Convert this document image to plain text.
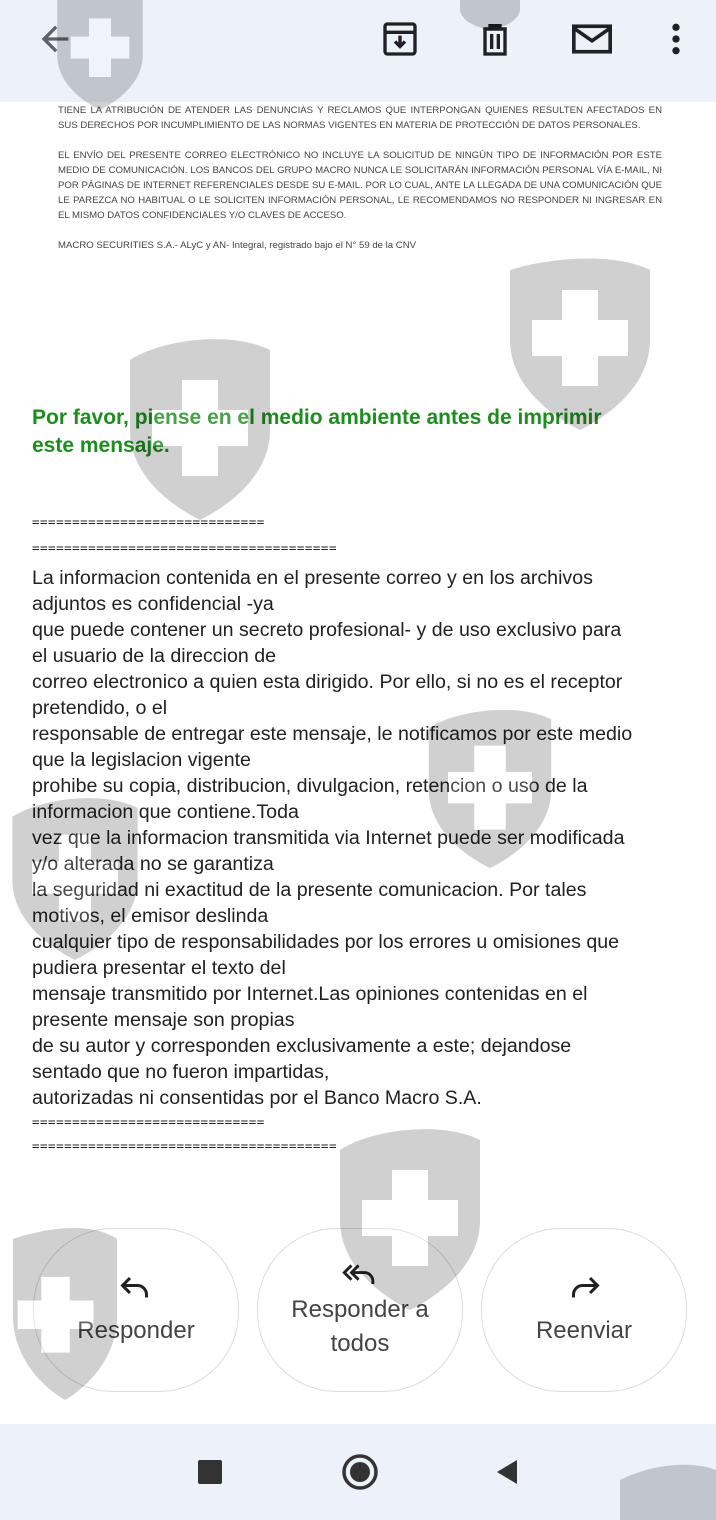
TIENE LA ATRIBUCIÓN DE ATENDER LAS DENUNCIAS Y RECLAMOS QUE INTERPONGAN QUIENES RESULTEN AFECTADOS EN SUS DERECHOS POR INCUMPLIMIENTO DE LAS NORMAS VIGENTES EN MATERIA DE PROTECCIÓN DE DATOS PERSONALES.

EL ENVÍO DEL PRESENTE CORREO ELECTRÓNICO NO INCLUYE LA SOLICITUD DE NINGÚN TIPO DE INFORMACIÓN POR ESTE MEDIO DE COMUNICACIÓN. LOS BANCOS DEL GRUPO MACRO NUNCA LE SOLICITARÁN INFORMACIÓN PERSONAL VÍA E-MAIL, NI POR PÁGINAS DE INTERNET REFERENCIALES DESDE SU E-MAIL. POR LO CUAL, ANTE LA LLEGADA DE UNA COMUNICACIÓN QUE LE PAREZCA NO HABITUAL O LE SOLICITEN INFORMACIÓN PERSONAL, LE RECOMENDAMOS NO RESPONDER NI INGRESAR EN EL MISMO DATOS CONFIDENCIALES Y/O CLAVES DE ACCESO.

MACRO SECURITIES S.A.- ALyC y AN- Integral, registrado bajo el N° 59 de la CNV

Por favor, piense en el medio ambiente antes de imprimir
este mensaje.
=============================
======================================
La informacion contenida en el presente correo y en los archivos
adjuntos es confidencial -ya
que puede contener un secreto profesional- y de uso exclusivo para
el usuario de la direccion de
correo electronico a quien esta dirigido. Por ello, si no es el receptor
pretendido, o el
responsable de entregar este mensaje, le notificamos por este medio
que la legislacion vigente
prohibe su copia, distribucion, divulgacion, retencion o uso de la
informacion que contiene.Toda
vez que la informacion transmitida via Internet puede ser modificada
y/o alterada no se garantiza
la seguridad ni exactitud de la presente comunicacion. Por tales
motivos, el emisor deslinda
cualquier tipo de responsabilidades por los errores u omisiones que
pudiera presentar el texto del
mensaje transmitido por Internet.Las opiniones contenidas en el
presente mensaje son propias
de su autor y corresponden exclusivamente a este; dejandose
sentado que no fueron impartidas,
autorizadas ni consentidas por el Banco Macro S.A.
=============================
======================================
Responder
Responder a
todos	Reenviar
